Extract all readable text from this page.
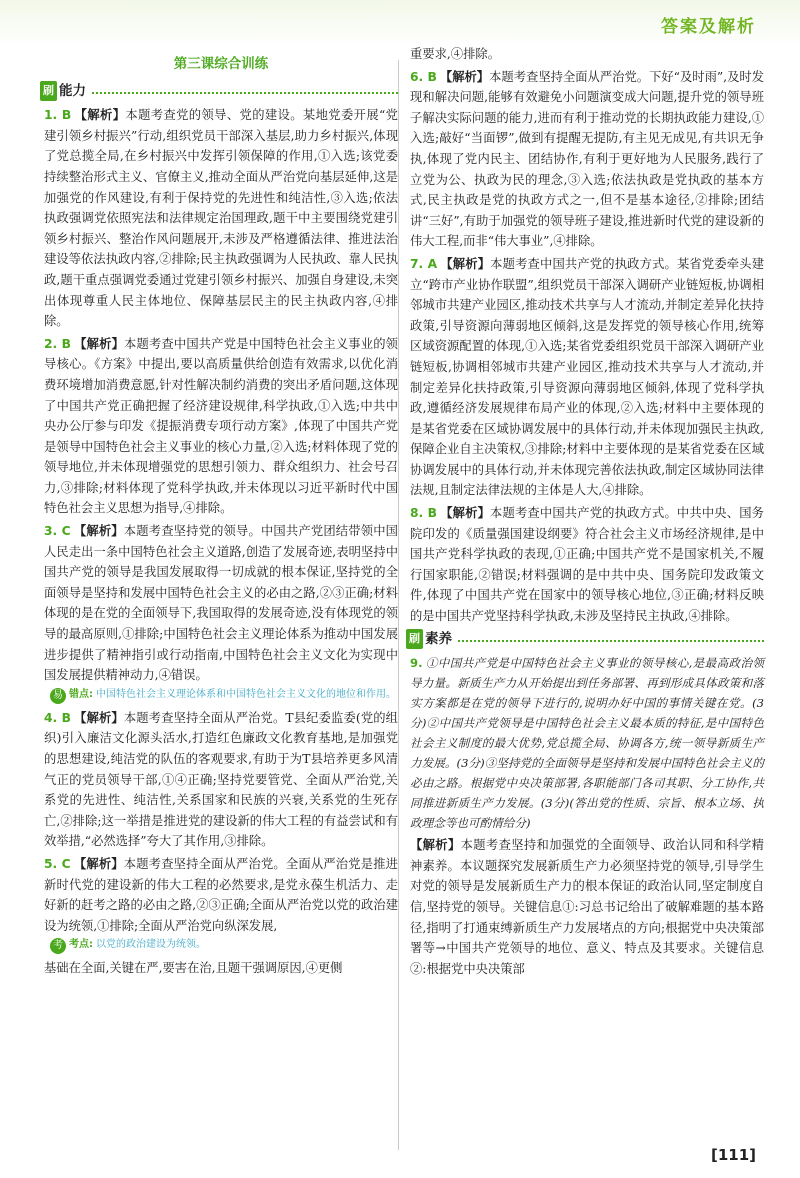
答案及解析
第三课综合训练
刷 能力
1. B 【解析】本题考查党的领导、党的建设。某地党委开展“党建引领乡村振兴”行动,组织党员干部深入基层,助力乡村振兴,体现了党总揽全局,在乡村振兴中发挥引领保障的作用,①入选;该党委持续整治形式主义、官僚主义,推动全面从严治党向基层延伸,这是加强党的作风建设,有利于保持党的先进性和纯洁性,③入选;依法执政强调党依照宪法和法律规定治国理政,题干中主要围绕党建引领乡村振兴、整治作风问题展开,未涉及严格遵循法律、推进法治建设等依法执政内容,②排除;民主执政强调为人民执政、靠人民执政,题干重点强调党委通过党建引领乡村振兴、加强自身建设,未突出体现尊重人民主体地位、保障基层民主的民主执政内容,④排除。
2. B 【解析】本题考查中国共产党是中国特色社会主义事业的领导核心。《方案》中提出,要以高质量供给创造有效需求,以优化消费环境增加消费意愿,针对性解决制约消费的突出矛盾问题,这体现了中国共产党正确把握了经济建设规律,科学执政,①入选;中共中央办公厅参与印发《提振消费专项行动方案》,体现了中国共产党是领导中国特色社会主义事业的核心力量,②入选;材料体现了党的领导地位,并未体现增强党的思想引领力、群众组织力、社会号召力,③排除;材料体现了党科学执政,并未体现以习近平新时代中国特色社会主义思想为指导,④排除。
3. C 【解析】本题考查坚持党的领导。中国共产党团结带领中国人民走出一条中国特色社会主义道路,创造了发展奇迹,表明坚持中国共产党的领导是我国发展取得一切成就的根本保证,坚持党的全面领导是坚持和发展中国特色社会主义的必由之路,②③正确;材料体现的是在党的全面领导下,我国取得的发展奇迹,没有体现党的领导的最高原则,①排除;中国特色社会主义理论体系为推动中国发展进步提供了精神指引或行动指南,中国特色社会主义文化为实现中国发展提供精神动力,④错误。
易 错点: 中国特色社会主义理论体系和中国特色社会主义文化的地位和作用。
4. B 【解析】本题考查坚持全面从严治党。T县纪委监委(党的组织)引入廉洁文化源头活水,打造红色廉政文化教育基地,是加强党的思想建设,纯洁党的队伍的客观要求,有助于为T县培养更多风清气正的党员领导干部,①④正确;坚持党要管党、全面从严治党,关系党的先进性、纯洁性,关系国家和民族的兴衰,关系党的生死存亡,②排除;这一举措是推进党的建设新的伟大工程的有益尝试和有效举措,“必然选择”夸大了其作用,③排除。
5. C 【解析】本题考查坚持全面从严治党。全面从严治党是推进新时代党的建设新的伟大工程的必然要求,是党永葆生机活力、走好新的赶考之路的必由之路,②③正确;全面从严治党以党的政治建设为统领,①排除;全面从严治党向纵深发展,
考 考点: 以党的政治建设为统领。
基础在全面,关键在严,要害在治,且题干强调原因,④更侧
重要求,④排除。
6. B 【解析】本题考查坚持全面从严治党。下好“及时雨”,及时发现和解决问题,能够有效避免小问题演变成大问题,提升党的领导班子解决实际问题的能力,进而有利于推动党的长期执政能力建设,①入选;敲好“当面锣”,做到有提醒无提防,有主见无成见,有共识无争执,体现了党内民主、团结协作,有利于更好地为人民服务,践行了立党为公、执政为民的理念,③入选;依法执政是党执政的基本方式,民主执政是党的执政方式之一,但不是基本途径,②排除;团结讲“三好”,有助于加强党的领导班子建设,推进新时代党的建设新的伟大工程,而非“伟大事业”,④排除。
7. A 【解析】本题考查中国共产党的执政方式。某省党委牵头建立“跨市产业协作联盟”,组织党员干部深入调研产业链短板,协调相邻城市共建产业园区,推动技术共享与人才流动,并制定差异化扶持政策,引导资源向薄弱地区倾斜,这是发挥党的领导核心作用,统筹区域资源配置的体现,①入选;某省党委组织党员干部深入调研产业链短板,协调相邻城市共建产业园区,推动技术共享与人才流动,并制定差异化扶持政策,引导资源向薄弱地区倾斜,体现了党科学执政,遵循经济发展规律布局产业的体现,②入选;材料中主要体现的是某省党委在区域协调发展中的具体行动,并未体现加强民主执政,保障企业自主决策权,③排除;材料中主要体现的是某省党委在区域协调发展中的具体行动,并未体现完善依法执政,制定区域协同法律法规,且制定法律法规的主体是人大,④排除。
8. B 【解析】本题考查中国共产党的执政方式。中共中央、国务院印发的《质量强国建设纲要》符合社会主义市场经济规律,是中国共产党科学执政的表现,①正确;中国共产党不是国家机关,不履行国家职能,②错误;材料强调的是中共中央、国务院印发政策文件,体现了中国共产党在国家中的领导核心地位,③正确;材料反映的是中国共产党坚持科学执政,未涉及坚持民主执政,④排除。
刷 素养
9. ①中国共产党是中国特色社会主义事业的领导核心,是最高政治领导力量。新质生产力从开始提出到任务部署、再到形成具体政策和落实方案都是在党的领导下进行的,说明办好中国的事情关键在党。(3分)②中国共产党领导是中国特色社会主义最本质的特征,是中国特色社会主义制度的最大优势,党总揽全局、协调各方,统一领导新质生产力发展。(3分)③坚持党的全面领导是坚持和发展中国特色社会主义的必由之路。根据党中央决策部署,各职能部门各司其职、分工协作,共同推进新质生产力发展。(3分)(答出党的性质、宗旨、根本立场、执政理念等也可酌情给分)
【解析】本题考查坚持和加强党的全面领导、政治认同和科学精神素养。本议题探究发展新质生产力必须坚持党的领导,引导学生对党的领导是发展新质生产力的根本保证的政治认同,坚定制度自信,坚持党的领导。关键信息①:习总书记给出了破解难题的基本路径,指明了打通束缚新质生产力发展堵点的方向;根据党中央决策部署等→中国共产党领导的地位、意义、特点及其要求。关键信息②:根据党中央决策部
[111]
